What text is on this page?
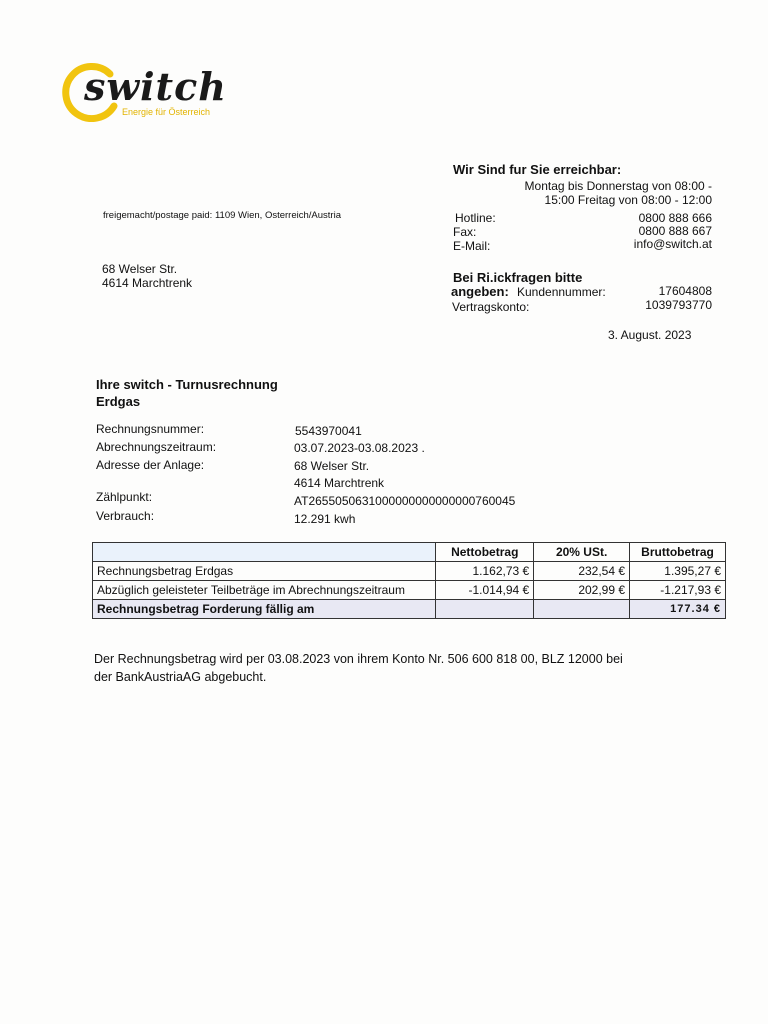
switch
Energie für Österreich
Wir Sind fur Sie erreichbar:
Montag bis Donnerstag von 08:00 -
15:00 Freitag von 08:00 - 12:00
Hotline:	0800 888 666
Fax:	0800 888 667
E-Mail:	info@switch.at
freigemacht/postage paid: 1109 Wien, Osterreich/Austria
68 Welser Str.
4614 Marchtrenk	Bei Ri.ickfragen bitte
angeben: Kundennummer:	17604808
Vertragskonto:	1039793770
3. August. 2023
Ihre switch - Turnusrechnung
Erdgas
Rechnungsnummer:	5543970041
Abrechnungszeitraum:	03.07.2023-03.08.2023 .
Adresse der Anlage:	68 Welser Str.
4614 Marchtrenk
Zählpunkt:	AT2655050631000000000000000760045
Verbrauch:	12.291 kwh
	Nettobetrag	20% USt.	Bruttobetrag
Rechnungsbetrag Erdgas	1.162,73 €	232,54 €	1.395,27 €
Abzüglich geleisteter Teilbeträge im Abrechnungszeitraum	-1.014,94 €	202,99 €	-1.217,93 €
Rechnungsbetrag Forderung fällig am			177.34 €
Der Rechnungsbetrag wird per 03.08.2023 von ihrem Konto Nr. 506 600 818 00, BLZ 12000 bei
der BankAustriaAG abgebucht.
